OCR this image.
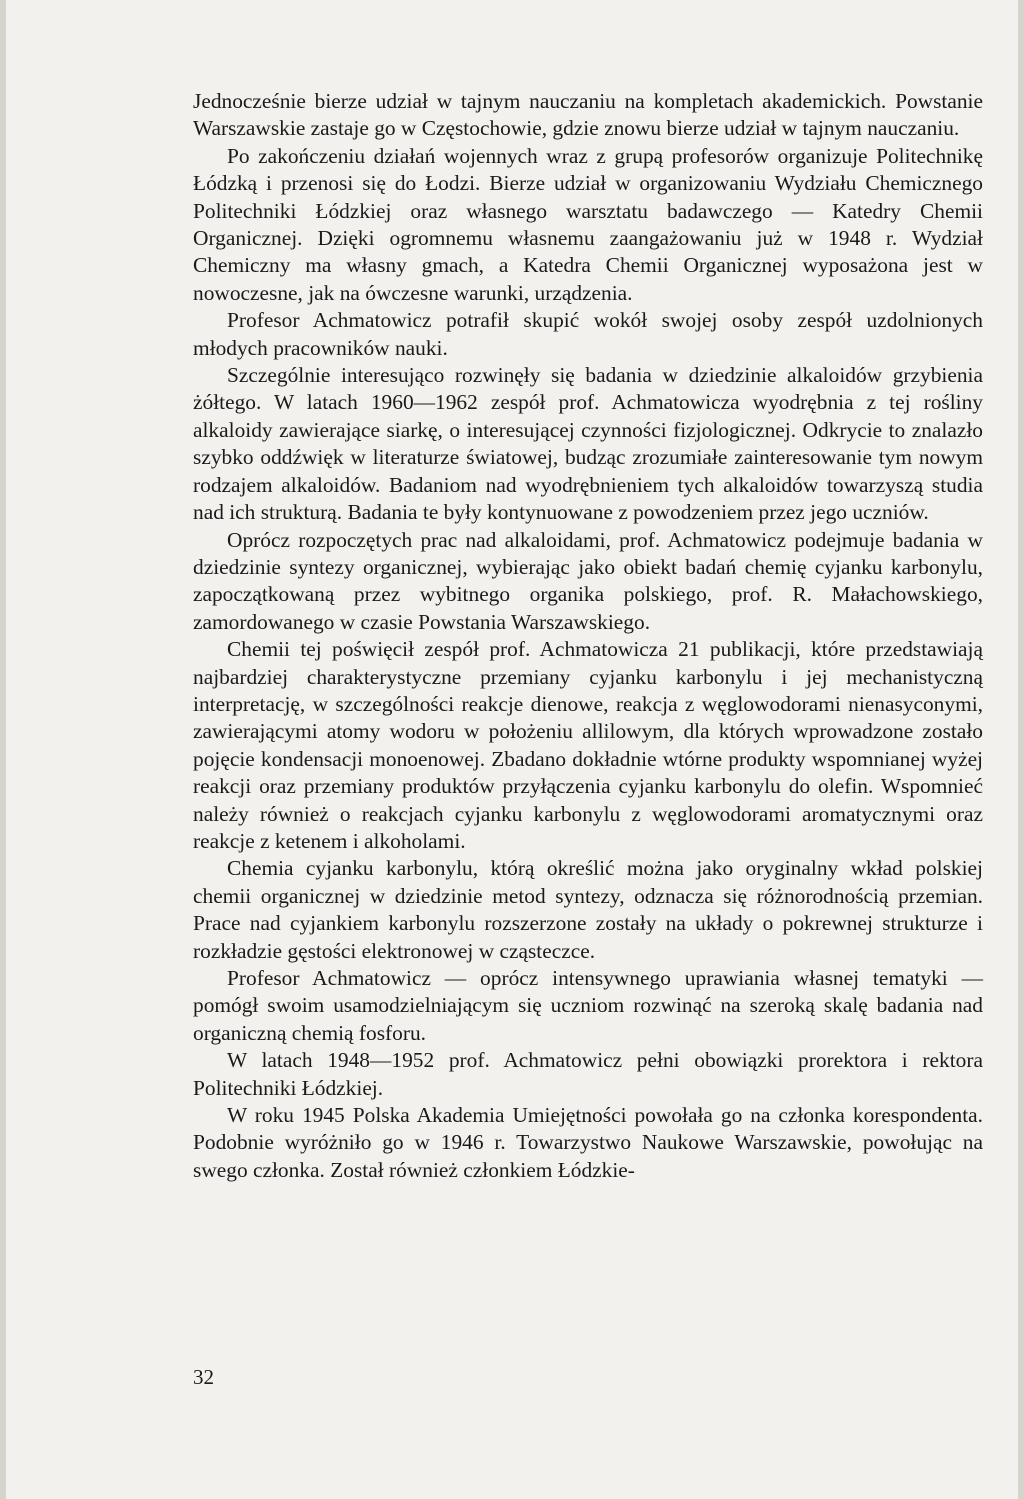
Jednocześnie bierze udział w tajnym nauczaniu na kompletach akademickich. Powstanie Warszawskie zastaje go w Częstochowie, gdzie znowu bierze udział w tajnym nauczaniu.

Po zakończeniu działań wojennych wraz z grupą profesorów organizuje Politechnikę Łódzką i przenosi się do Łodzi. Bierze udział w organizowaniu Wydziału Chemicznego Politechniki Łódzkiej oraz własnego warsztatu badawczego — Katedry Chemii Organicznej. Dzięki ogromnemu własnemu zaangażowaniu już w 1948 r. Wydział Chemiczny ma własny gmach, a Katedra Chemii Organicznej wyposażona jest w nowoczesne, jak na ówczesne warunki, urządzenia.

Profesor Achmatowicz potrafił skupić wokół swojej osoby zespół uzdolnionych młodych pracowników nauki.

Szczególnie interesująco rozwinęły się badania w dziedzinie alkaloidów grzybienia żółtego. W latach 1960—1962 zespół prof. Achmatowicza wyodrębnia z tej rośliny alkaloidy zawierające siarkę, o interesującej czynności fizjologicznej. Odkrycie to znalazło szybko oddźwięk w literaturze światowej, budząc zrozumiałe zainteresowanie tym nowym rodzajem alkaloidów. Badaniom nad wyodrębnieniem tych alkaloidów towarzyszą studia nad ich strukturą. Badania te były kontynuowane z powodzeniem przez jego uczniów.

Oprócz rozpoczętych prac nad alkaloidami, prof. Achmatowicz podejmuje badania w dziedzinie syntezy organicznej, wybierając jako obiekt badań chemię cyjanku karbonylu, zapoczątkowaną przez wybitnego organika polskiego, prof. R. Małachowskiego, zamordowanego w czasie Powstania Warszawskiego.

Chemii tej poświęcił zespół prof. Achmatowicza 21 publikacji, które przedstawiają najbardziej charakterystyczne przemiany cyjanku karbonylu i jej mechanistyczną interpretację, w szczególności reakcje dienowe, reakcja z węglowodorami nienasyconymi, zawierającymi atomy wodoru w położeniu allilowym, dla których wprowadzone zostało pojęcie kondensacji monoenowej. Zbadano dokładnie wtórne produkty wspomnianej wyżej reakcji oraz przemiany produktów przyłączenia cyjanku karbonylu do olefin. Wspomnieć należy również o reakcjach cyjanku karbonylu z węglowodorami aromatycznymi oraz reakcje z ketenem i alkoholami.

Chemia cyjanku karbonylu, którą określić można jako oryginalny wkład polskiej chemii organicznej w dziedzinie metod syntezy, odznacza się różnorodnością przemian. Prace nad cyjankiem karbonylu rozszerzone zostały na układy o pokrewnej strukturze i rozkładzie gęstości elektronowej w cząsteczce.

Profesor Achmatowicz — oprócz intensywnego uprawiania własnej tematyki — pomógł swoim usamodzielniającym się uczniom rozwinąć na szeroką skalę badania nad organiczną chemią fosforu.

W latach 1948—1952 prof. Achmatowicz pełni obowiązki prorektora i rektora Politechniki Łódzkiej.

W roku 1945 Polska Akademia Umiejętności powołała go na członka korespondenta. Podobnie wyróżniło go w 1946 r. Towarzystwo Naukowe Warszawskie, powołując na swego członka. Został również członkiem Łódzkie-

32
